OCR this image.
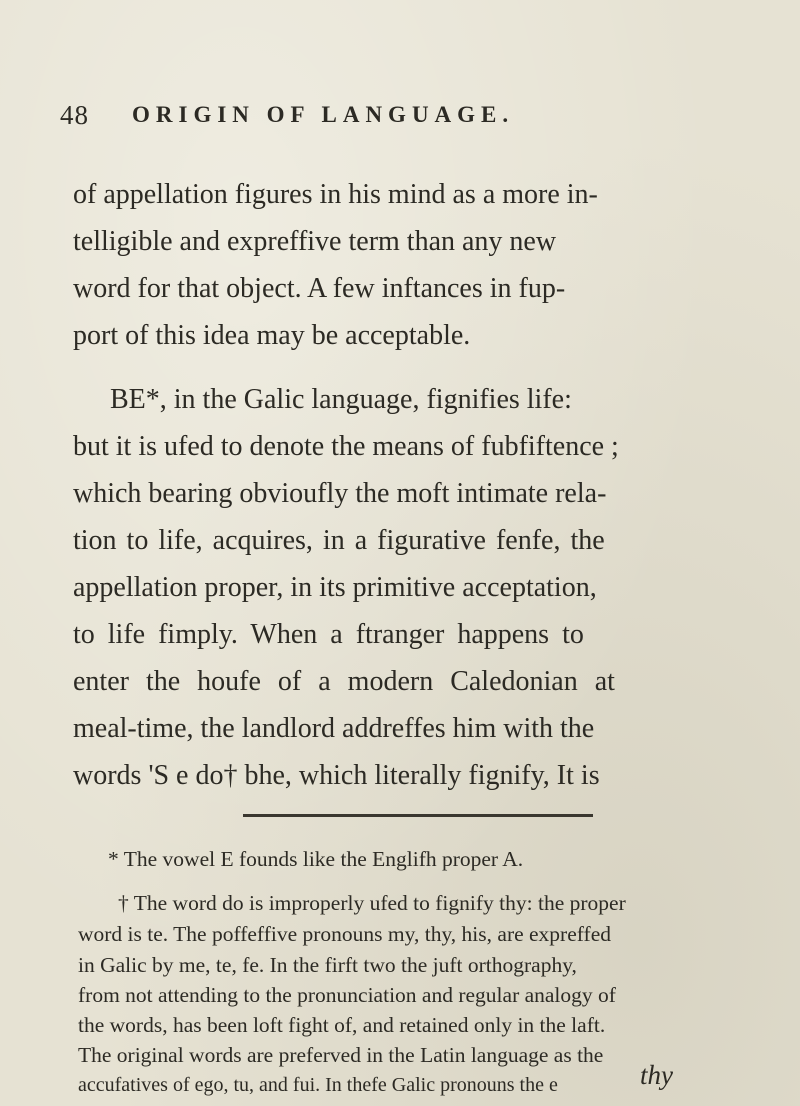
48 ORIGIN OF LANGUAGE.
of appellation figures in his mind as a more in-
telligible and expreffive term than any new
word for that object. A few inftances in fup-
port of this idea may be acceptable.
BE*, in the Galic language, fignifies life:
but it is ufed to denote the means of fubfiftence ;
which bearing obvioufly the moft intimate rela-
tion to life, acquires, in a figurative fenfe, the
appellation proper, in its primitive acceptation,
to life fimply. When a ftranger happens to
enter the houfe of a modern Caledonian at
meal-time, the landlord addreffes him with the
words 'S e do† bhe, which literally fignify, It is
* The vowel E founds like the Englifh proper A.
† The word do is improperly ufed to fignify thy: the proper
word is te. The poffeffive pronouns my, thy, his, are expreffed
in Galic by me, te, fe. In the firft two the juft orthography,
from not attending to the pronunciation and regular analogy of
the words, has been loft fight of, and retained only in the laft.
The original words are preferved in the Latin language as the
accufatives of ego, tu, and fui. In thefe Galic pronouns the e	thy
